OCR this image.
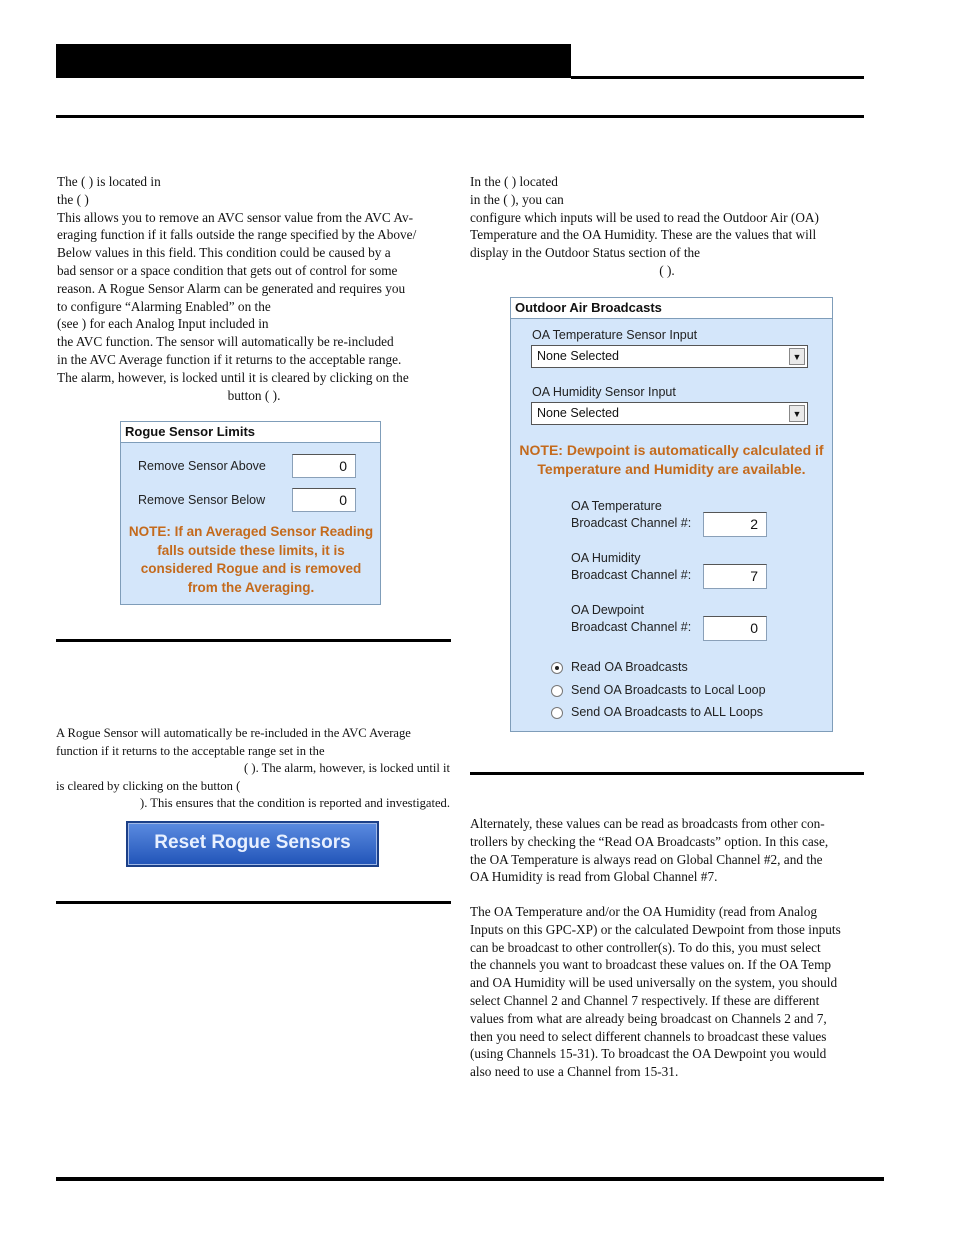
The ( ) is located in

the ( )

This allows you to remove an AVC sensor value from the AVC Av-

eraging function if it falls outside the range specified by the Above/

Below values in this field. This condition could be caused by a

bad sensor or a space condition that gets out of control for some

reason. A Rogue Sensor Alarm can be generated and requires you

to configure “Alarming Enabled” on the

(see ) for each Analog Input included in

the AVC function. The sensor will automatically be re-included

in the AVC Average function if it returns to the acceptable range.

The alarm, however, is locked until it is cleared by clicking on the

button ( ).

Rogue Sensor Limits
Remove Sensor Above	0
Remove Sensor Below	0
NOTE: If an Averaged Sensor Reading falls outside these limits, it is considered Rogue and is removed from the Averaging.

A Rogue Sensor will automatically be re-included in the AVC Average

function if it returns to the acceptable range set in the

( ). The alarm, however, is locked until it

is cleared by clicking on the button (

). This ensures that the condition is reported and investigated.

Reset Rogue Sensors

In the ( ) located

in the ( ), you can

configure which inputs will be used to read the Outdoor Air (OA)

Temperature and the OA Humidity. These are the values that will

display in the Outdoor Status section of the

( ).

Outdoor Air Broadcasts
OA Temperature Sensor Input
None Selected	▼
OA Humidity Sensor Input
None Selected	▼
NOTE: Dewpoint is automatically calculated if Temperature and Humidity are available.
OA Temperature
Broadcast Channel #:	2
OA Humidity
Broadcast Channel #:	7
OA Dewpoint
Broadcast Channel #:	0
Read OA Broadcasts
Send OA Broadcasts to Local Loop
Send OA Broadcasts to ALL Loops

Alternately, these values can be read as broadcasts from other con-

trollers by checking the “Read OA Broadcasts” option. In this case,

the OA Temperature is always read on Global Channel #2, and the

OA Humidity is read from Global Channel #7.

The OA Temperature and/or the OA Humidity (read from Analog

Inputs on this GPC-XP) or the calculated Dewpoint from those inputs

can be broadcast to other controller(s). To do this, you must select

the channels you want to broadcast these values on. If the OA Temp

and OA Humidity will be used universally on the system, you should

select Channel 2 and Channel 7 respectively. If these are different

values from what are already being broadcast on Channels 2 and 7,

then you need to select different channels to broadcast these values

(using Channels 15-31). To broadcast the OA Dewpoint you would

also need to use a Channel from 15-31.
